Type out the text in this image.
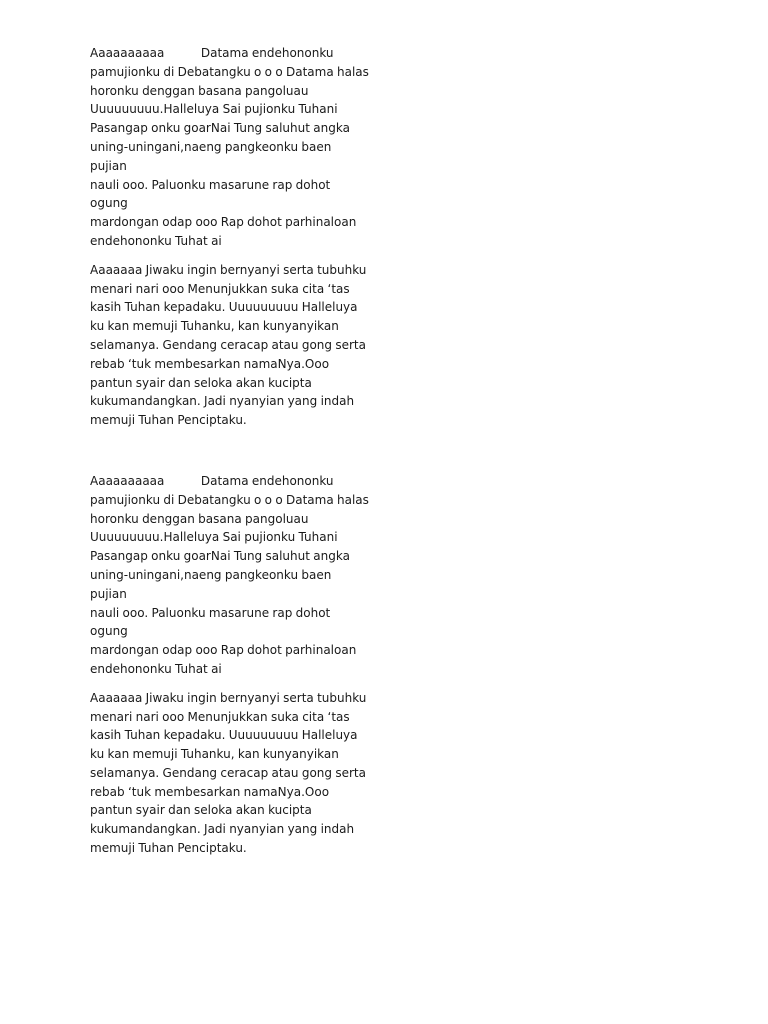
Aaaaaaaaaa           Datama endehononku
pamujionku di Debatangku o o o Datama halas
horonku denggan basana pangoluau
Uuuuuuuuu.Halleluya Sai pujionku Tuhani
Pasangap onku goarNai Tung saluhut angka
uning-uningani,naeng pangkeonku baen pujian
nauli ooo. Paluonku masarune rap dohot ogung
mardongan odap ooo Rap dohot parhinaloan
endehononku Tuhat ai

Aaaaaaa Jiwaku ingin bernyanyi serta tubuhku
menari nari ooo Menunjukkan suka cita ‘tas
kasih Tuhan kepadaku. Uuuuuuuuu Halleluya
ku kan memuji Tuhanku, kan kunyanyikan
selamanya. Gendang ceracap atau gong serta
rebab ‘tuk membesarkan namaNya.Ooo
pantun syair dan seloka akan kucipta
kukumandangkan. Jadi nyanyian yang indah
memuji Tuhan Penciptaku.

Aaaaaaaaaa           Datama endehononku
pamujionku di Debatangku o o o Datama halas
horonku denggan basana pangoluau
Uuuuuuuuu.Halleluya Sai pujionku Tuhani
Pasangap onku goarNai Tung saluhut angka
uning-uningani,naeng pangkeonku baen pujian
nauli ooo. Paluonku masarune rap dohot ogung
mardongan odap ooo Rap dohot parhinaloan
endehononku Tuhat ai

Aaaaaaa Jiwaku ingin bernyanyi serta tubuhku
menari nari ooo Menunjukkan suka cita ‘tas
kasih Tuhan kepadaku. Uuuuuuuuu Halleluya
ku kan memuji Tuhanku, kan kunyanyikan
selamanya. Gendang ceracap atau gong serta
rebab ‘tuk membesarkan namaNya.Ooo
pantun syair dan seloka akan kucipta
kukumandangkan. Jadi nyanyian yang indah
memuji Tuhan Penciptaku.
